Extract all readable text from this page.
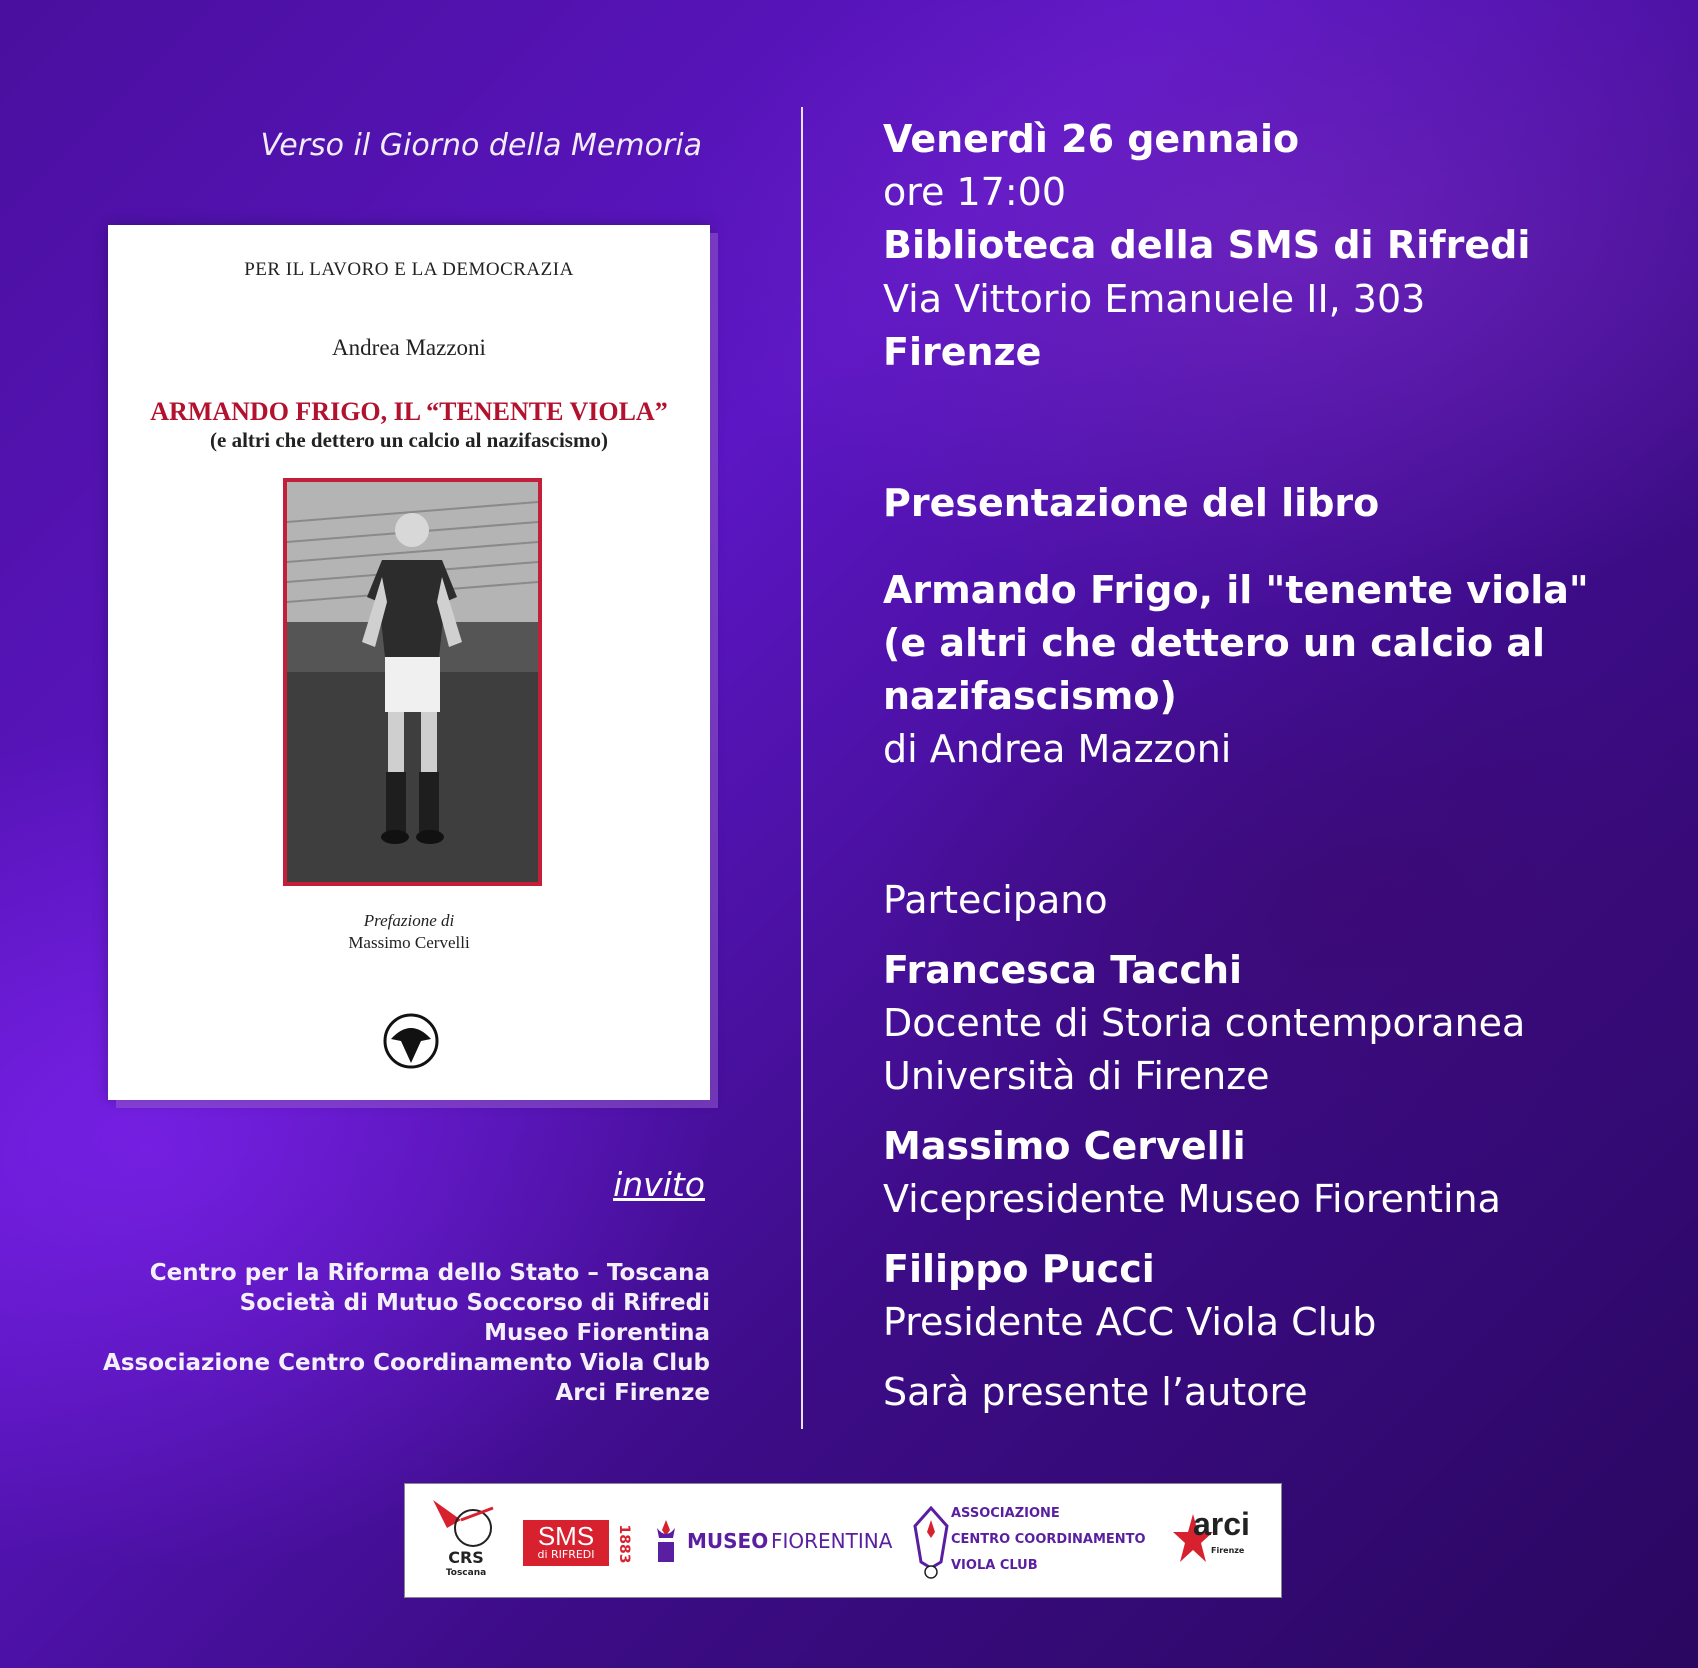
Verso il Giorno della Memoria
PER IL LAVORO E LA DEMOCRAZIA
Andrea Mazzoni
ARMANDO FRIGO, IL “TENENTE VIOLA”
(e altri che dettero un calcio al nazifascismo)
Prefazione di
Massimo Cervelli
invito
Centro per la Riforma dello Stato – Toscana
Società di Mutuo Soccorso di Rifredi
Museo Fiorentina
Associazione Centro Coordinamento Viola Club
Arci Firenze
Venerdì 26 gennaio
ore 17:00
Biblioteca della SMS di Rifredi
Via Vittorio Emanuele II, 303
Firenze
Presentazione del libro
Armando Frigo, il "tenente viola"
(e altri che dettero un calcio al
nazifascismo)
di Andrea Mazzoni
Partecipano
Francesca Tacchi
Docente di Storia contemporanea
Università di Firenze
Massimo Cervelli
Vicepresidente Museo Fiorentina
Filippo Pucci
Presidente ACC Viola Club
Sarà presente l’autore
CRS
Toscana
SMS
di RIFREDI	1883	MUSEO FIORENTINA
ASSOCIAZIONE
CENTRO COORDINAMENTO
VIOLA CLUB
arci
Firenze
